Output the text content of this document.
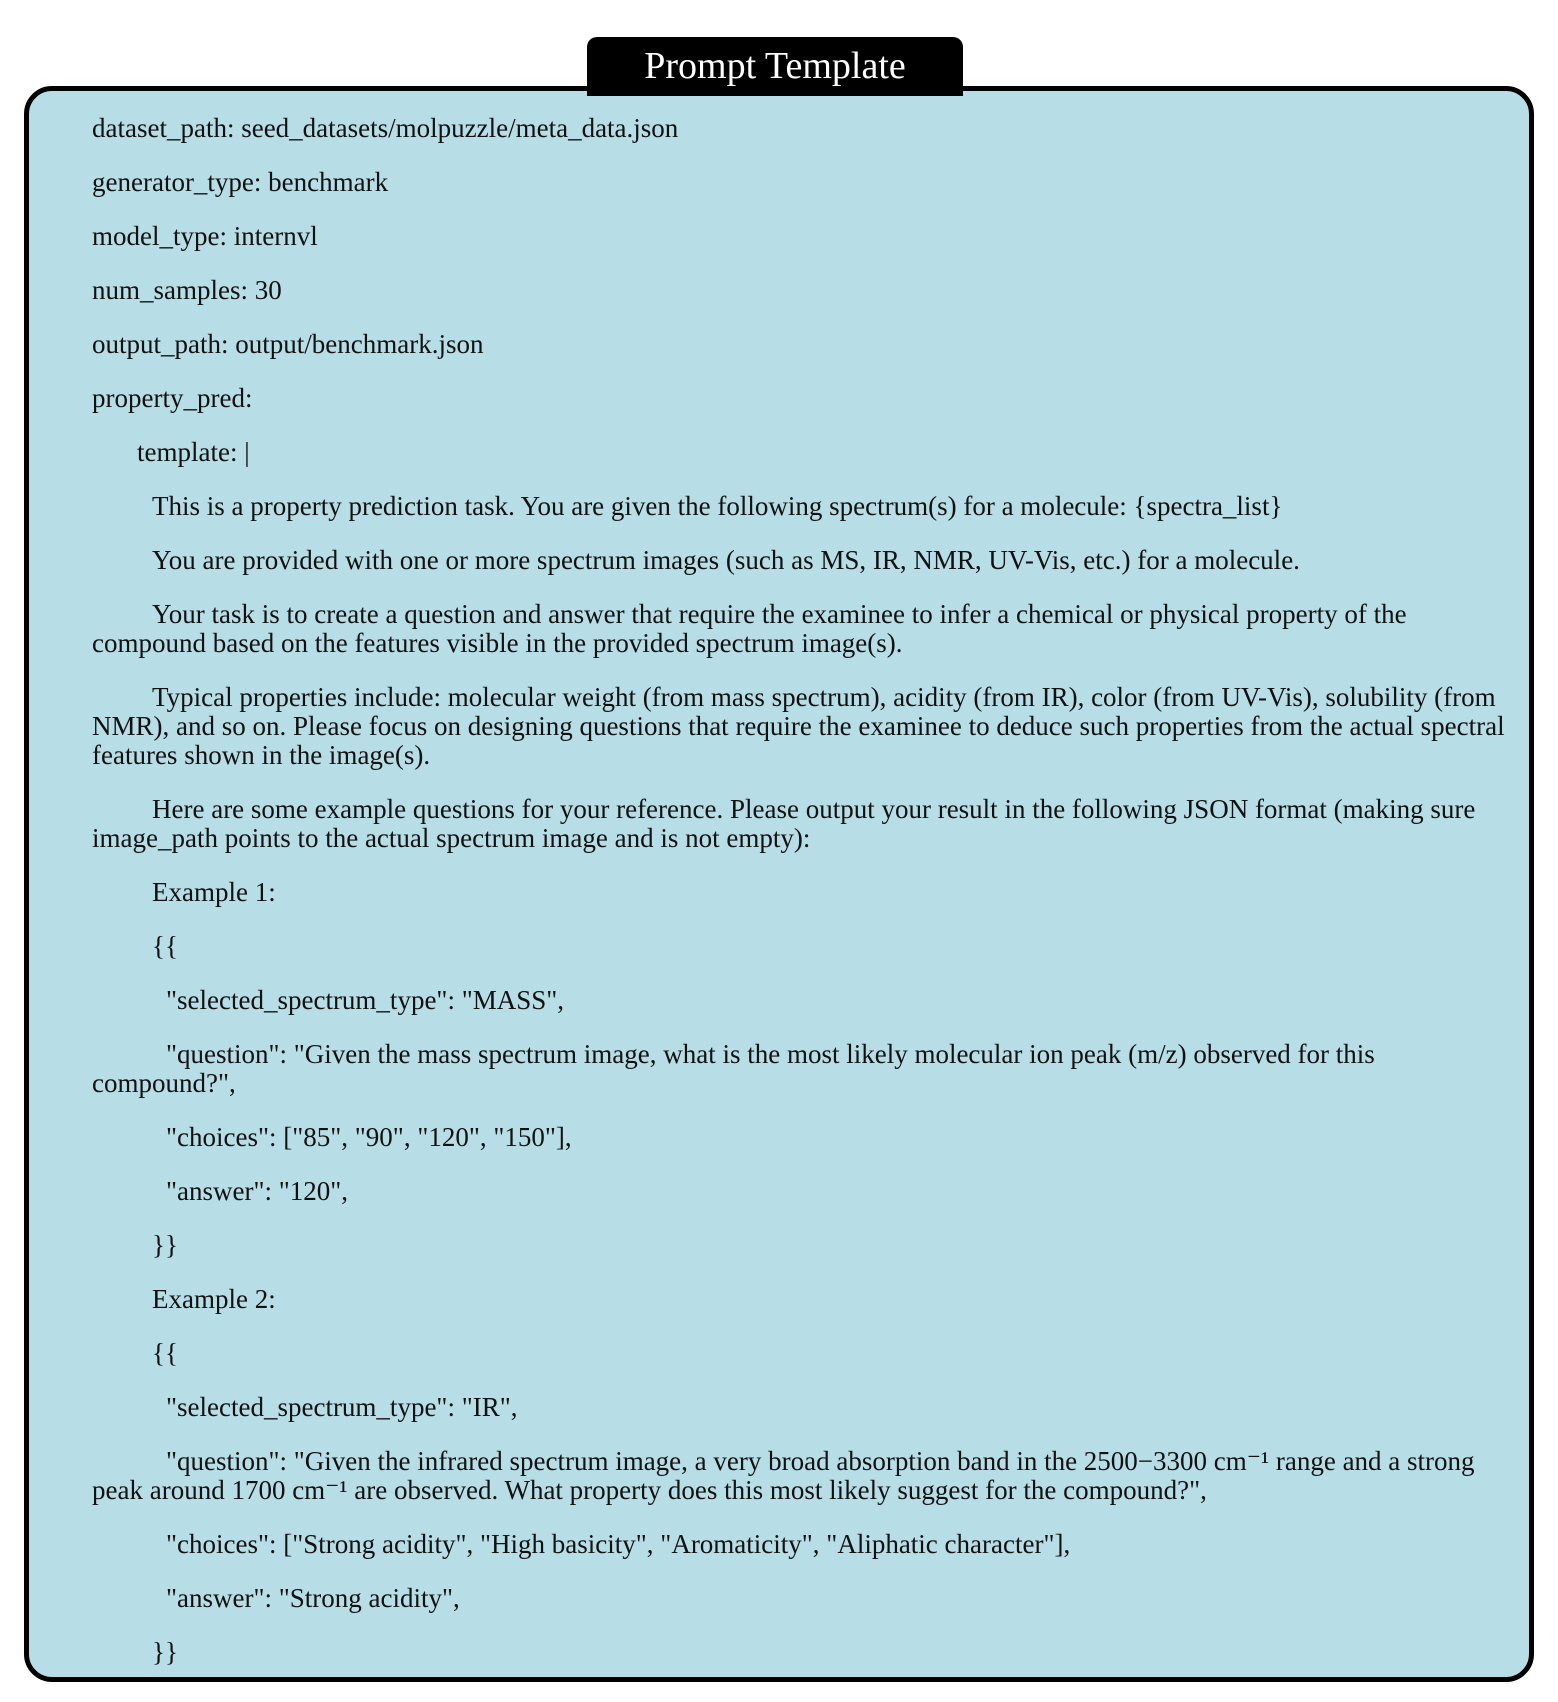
Prompt Template
dataset_path: seed_datasets/molpuzzle/meta_data.json
generator_type: benchmark
model_type: internvl
num_samples: 30
output_path: output/benchmark.json
property_pred:
template: |
This is a property prediction task. You are given the following spectrum(s) for a molecule: {spectra_list}
You are provided with one or more spectrum images (such as MS, IR, NMR, UV-Vis, etc.) for a molecule.
Your task is to create a question and answer that require the examinee to infer a chemical or physical property of the compound based on the features visible in the provided spectrum image(s).
Typical properties include: molecular weight (from mass spectrum), acidity (from IR), color (from UV-Vis), solubility (from NMR), and so on. Please focus on designing questions that require the examinee to deduce such properties from the actual spectral features shown in the image(s).
Here are some example questions for your reference. Please output your result in the following JSON format (making sure image_path points to the actual spectrum image and is not empty):
Example 1:
{{
"selected_spectrum_type": "MASS",
"question": "Given the mass spectrum image, what is the most likely molecular ion peak (m/z) observed for this compound?",
"choices": ["85", "90", "120", "150"],
"answer": "120",
}}
Example 2:
{{
"selected_spectrum_type": "IR",
"question": "Given the infrared spectrum image, a very broad absorption band in the 2500−3300 cm⁻¹ range and a strong peak around 1700 cm⁻¹ are observed. What property does this most likely suggest for the compound?",
"choices": ["Strong acidity", "High basicity", "Aromaticity", "Aliphatic character"],
"answer": "Strong acidity",
}}
